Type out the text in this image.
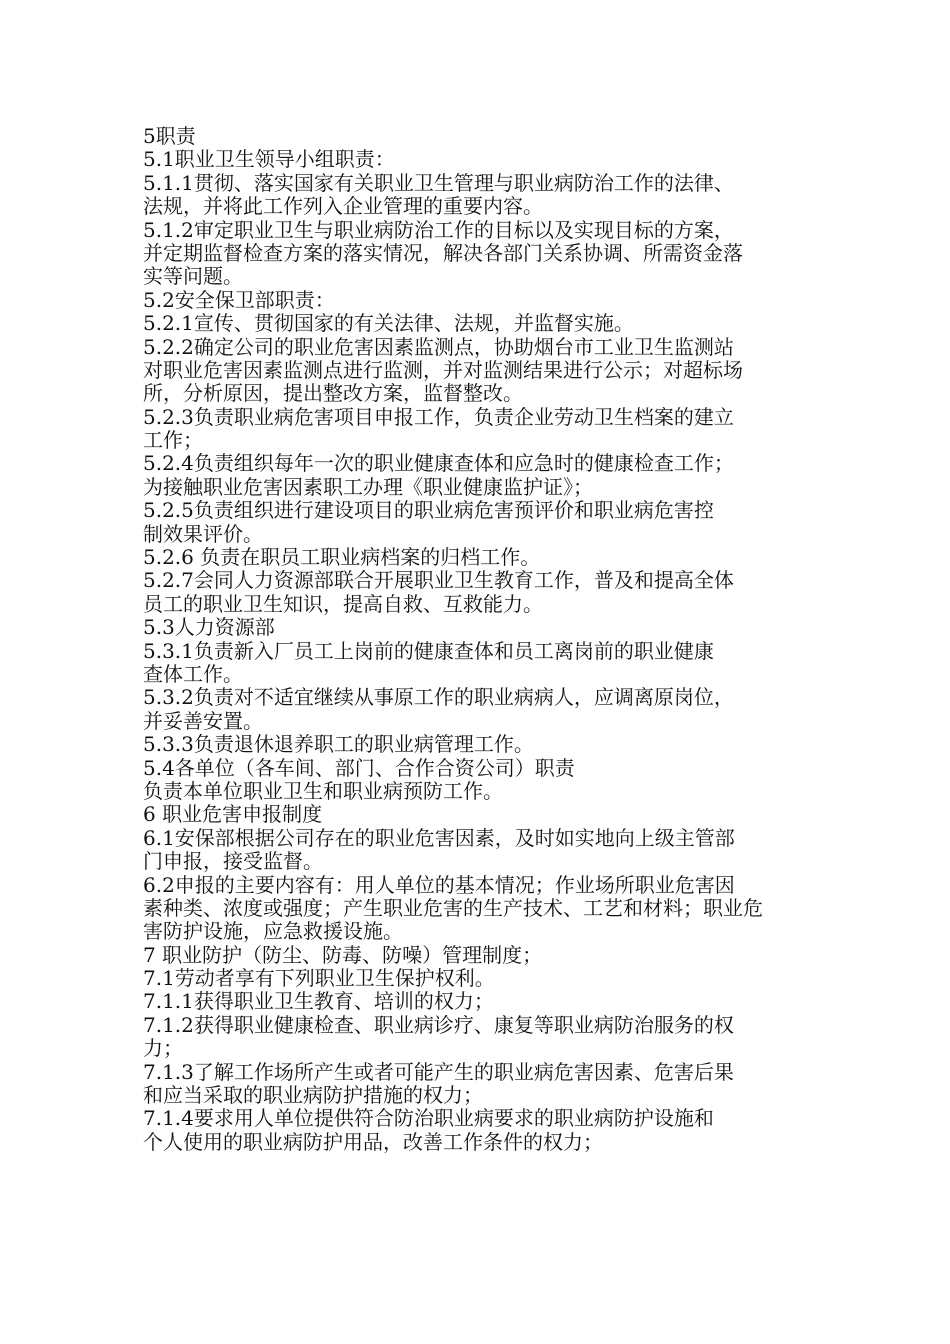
5职责
5.1职业卫生领导小组职责：
5.1.1贯彻、落实国家有关职业卫生管理与职业病防治工作的法律、
法规，并将此工作列入企业管理的重要内容。
5.1.2审定职业卫生与职业病防治工作的目标以及实现目标的方案，
并定期监督检查方案的落实情况，解决各部门关系协调、所需资金落
实等问题。
5.2安全保卫部职责：
5.2.1宣传、贯彻国家的有关法律、法规，并监督实施。
5.2.2确定公司的职业危害因素监测点，协助烟台市工业卫生监测站
对职业危害因素监测点进行监测，并对监测结果进行公示；对超标场
所，分析原因，提出整改方案，监督整改。
5.2.3负责职业病危害项目申报工作，负责企业劳动卫生档案的建立
工作；
5.2.4负责组织每年一次的职业健康查体和应急时的健康检查工作；
为接触职业危害因素职工办理《职业健康监护证》；
5.2.5负责组织进行建设项目的职业病危害预评价和职业病危害控
制效果评价。
5.2.6 负责在职员工职业病档案的归档工作。
5.2.7会同人力资源部联合开展职业卫生教育工作，普及和提高全体
员工的职业卫生知识，提高自救、互救能力。
5.3人力资源部
5.3.1负责新入厂员工上岗前的健康查体和员工离岗前的职业健康
查体工作。
5.3.2负责对不适宜继续从事原工作的职业病病人，应调离原岗位，
并妥善安置。
5.3.3负责退休退养职工的职业病管理工作。
5.4各单位（各车间、部门、合作合资公司）职责
负责本单位职业卫生和职业病预防工作。
6 职业危害申报制度
6.1安保部根据公司存在的职业危害因素，及时如实地向上级主管部
门申报，接受监督。
6.2申报的主要内容有：用人单位的基本情况；作业场所职业危害因
素种类、浓度或强度；产生职业危害的生产技术、工艺和材料；职业危
害防护设施，应急救援设施。
7 职业防护（防尘、防毒、防噪）管理制度；
7.1劳动者享有下列职业卫生保护权利。
7.1.1获得职业卫生教育、培训的权力；
7.1.2获得职业健康检查、职业病诊疗、康复等职业病防治服务的权
力；
7.1.3了解工作场所产生或者可能产生的职业病危害因素、危害后果
和应当采取的职业病防护措施的权力；
7.1.4要求用人单位提供符合防治职业病要求的职业病防护设施和
个人使用的职业病防护用品，改善工作条件的权力；
